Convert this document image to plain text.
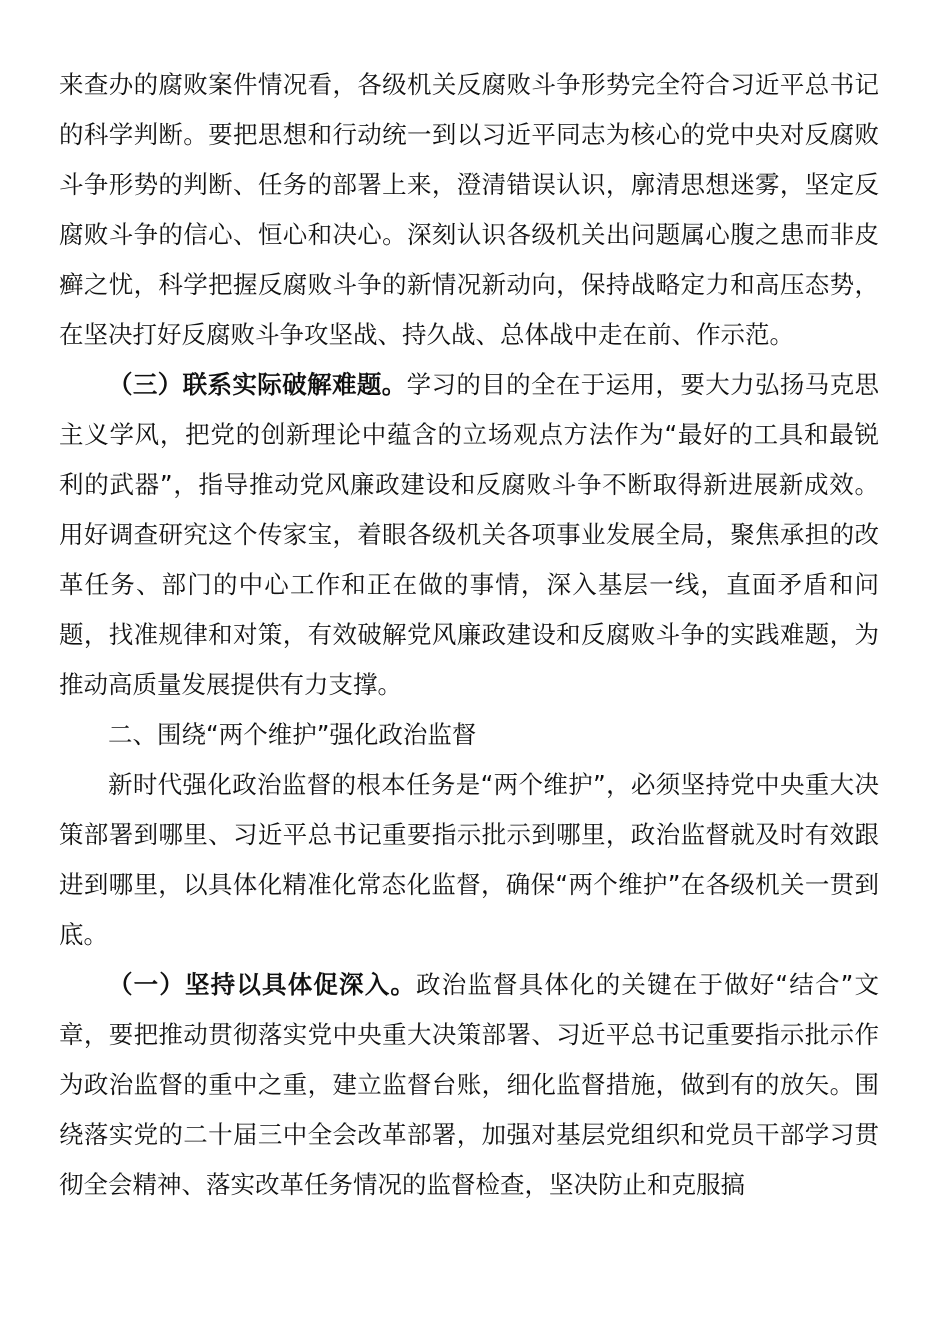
来查办的腐败案件情况看，各级机关反腐败斗争形势完全符合习近平总书记的科学判断。要把思想和行动统一到以习近平同志为核心的党中央对反腐败斗争形势的判断、任务的部署上来，澄清错误认识，廓清思想迷雾，坚定反腐败斗争的信心、恒心和决心。深刻认识各级机关出问题属心腹之患而非皮癣之忧，科学把握反腐败斗争的新情况新动向，保持战略定力和高压态势，在坚决打好反腐败斗争攻坚战、持久战、总体战中走在前、作示范。

（三）联系实际破解难题。学习的目的全在于运用，要大力弘扬马克思主义学风，把党的创新理论中蕴含的立场观点方法作为“最好的工具和最锐利的武器”，指导推动党风廉政建设和反腐败斗争不断取得新进展新成效。用好调查研究这个传家宝，着眼各级机关各项事业发展全局，聚焦承担的改革任务、部门的中心工作和正在做的事情，深入基层一线，直面矛盾和问题，找准规律和对策，有效破解党风廉政建设和反腐败斗争的实践难题，为推动高质量发展提供有力支撑。

二、围绕“两个维护”强化政治监督

新时代强化政治监督的根本任务是“两个维护”，必须坚持党中央重大决策部署到哪里、习近平总书记重要指示批示到哪里，政治监督就及时有效跟进到哪里，以具体化精准化常态化监督，确保“两个维护”在各级机关一贯到底。

（一）坚持以具体促深入。政治监督具体化的关键在于做好“结合”文章，要把推动贯彻落实党中央重大决策部署、习近平总书记重要指示批示作为政治监督的重中之重，建立监督台账，细化监督措施，做到有的放矢。围绕落实党的二十届三中全会改革部署，加强对基层党组织和党员干部学习贯彻全会精神、落实改革任务情况的监督检查，坚决防止和克服搞
